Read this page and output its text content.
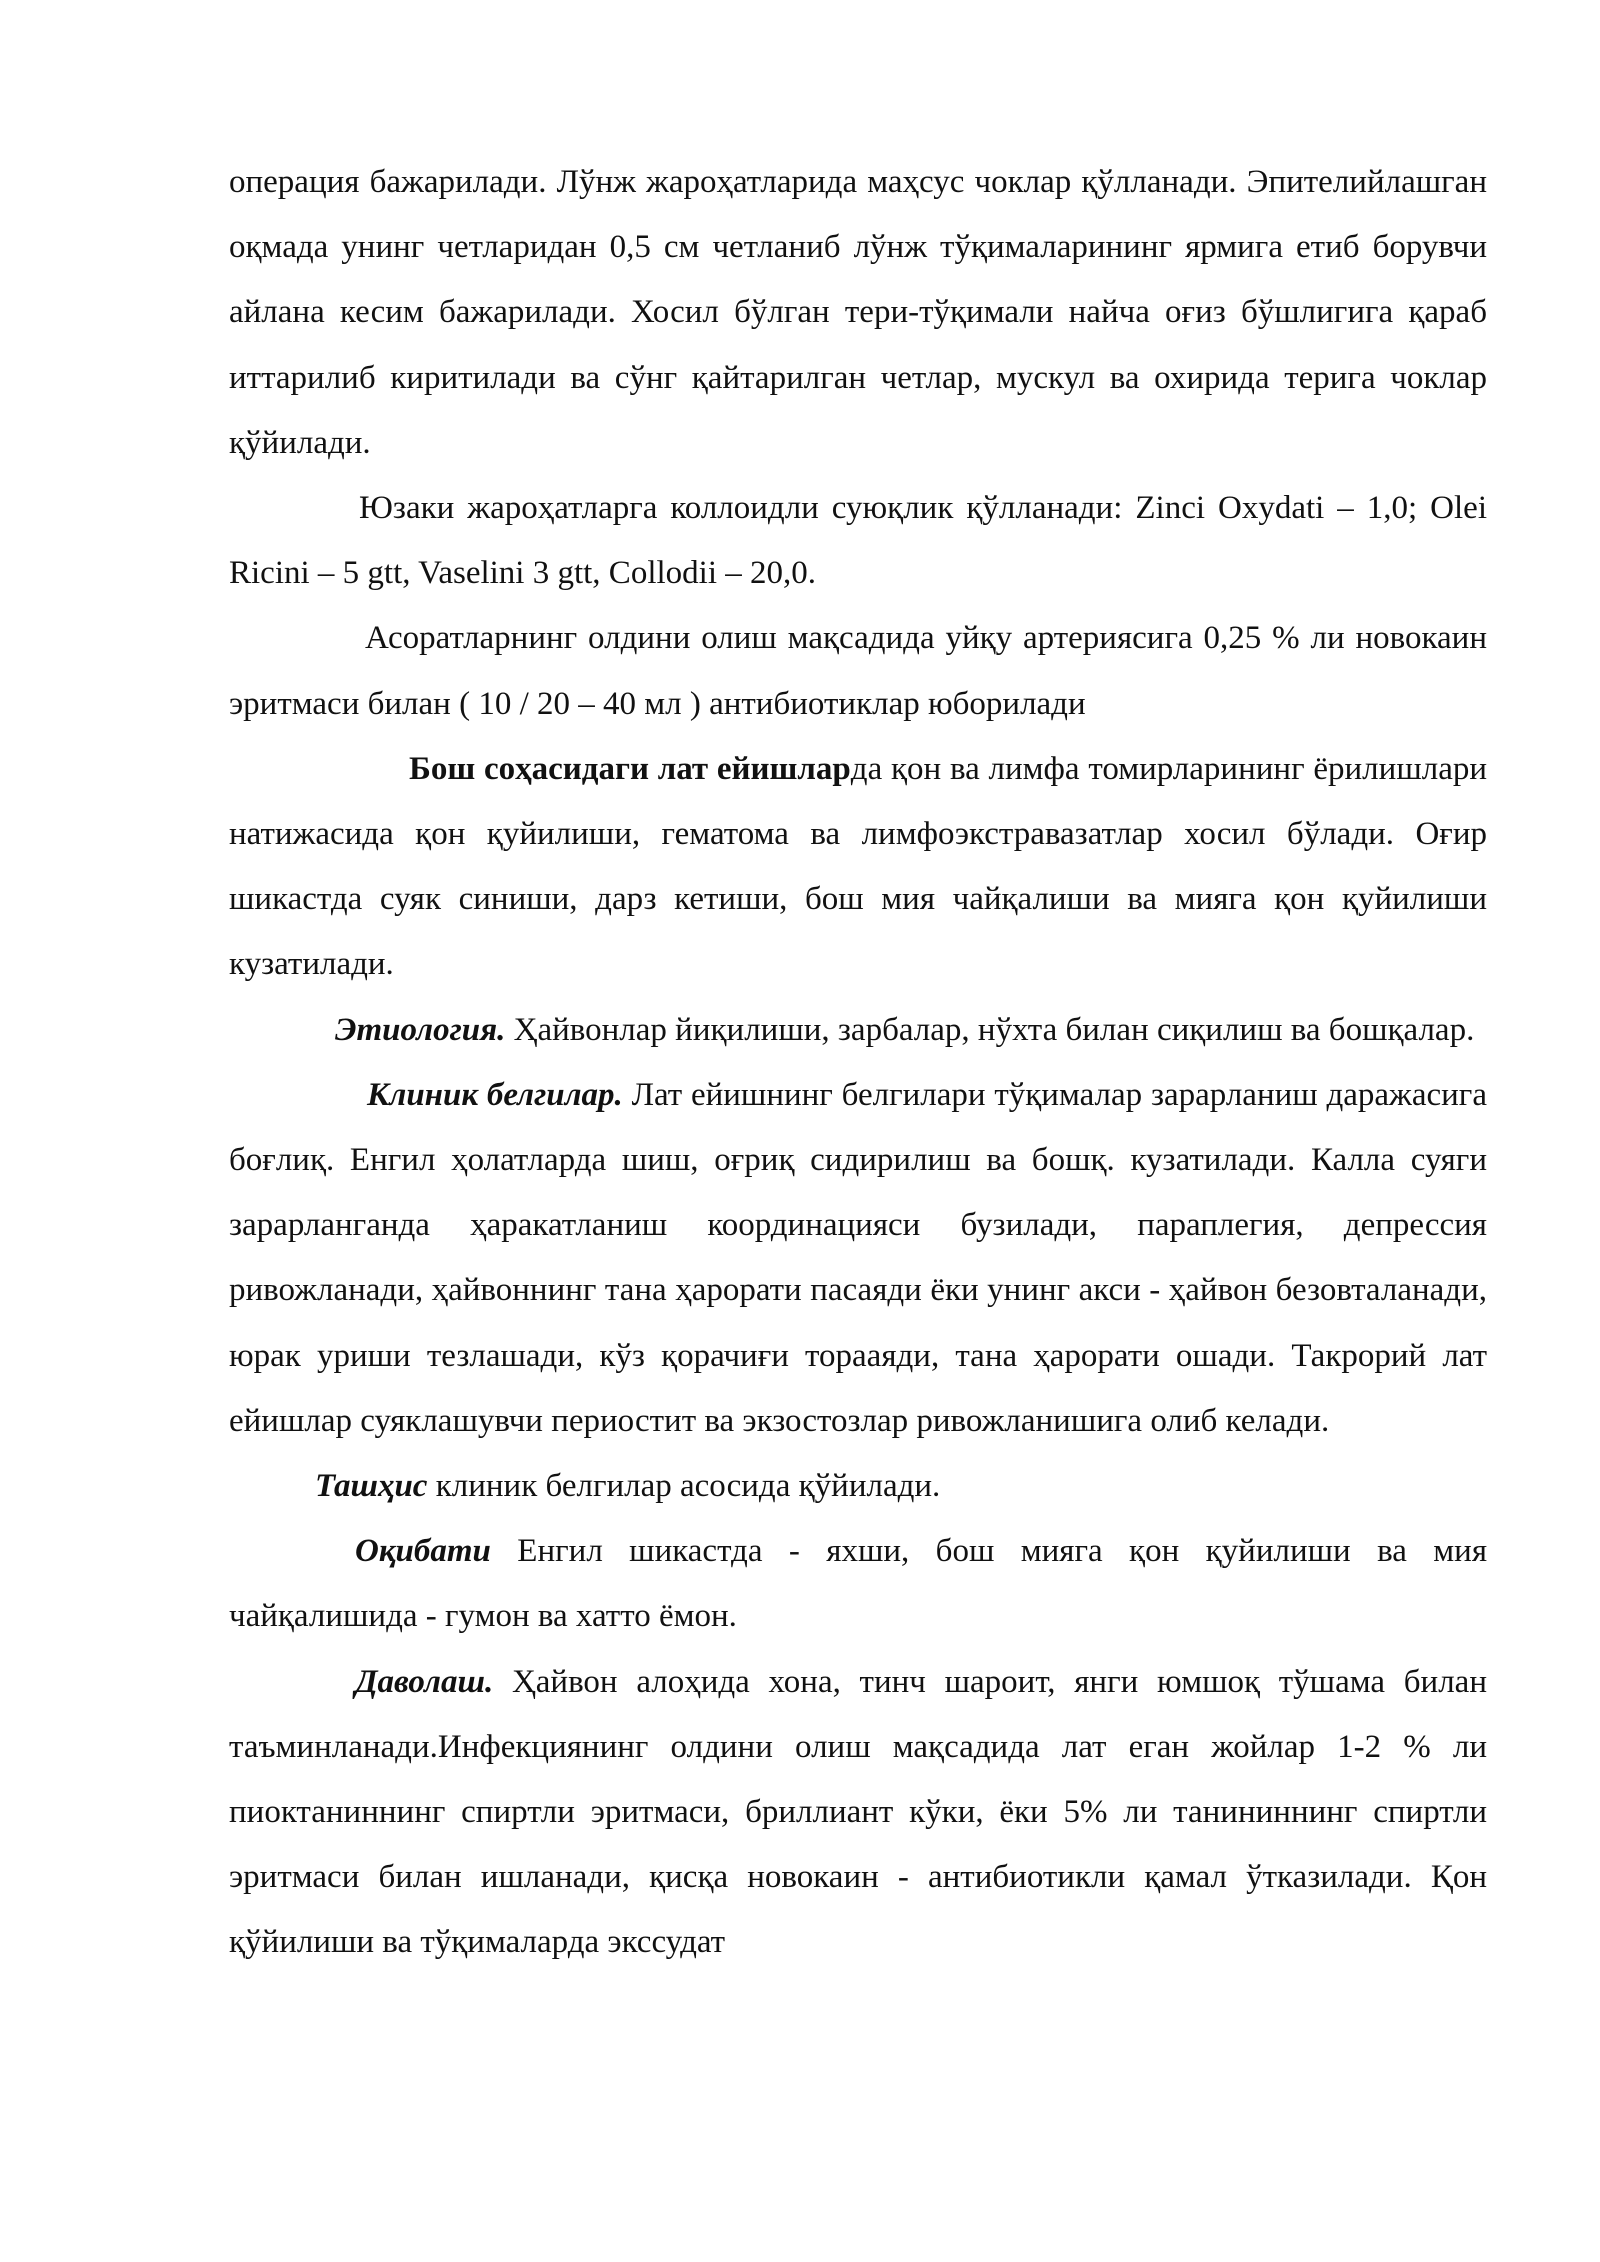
операция бажарилади. Лўнж жароҳатларида маҳсус чоклар қўлланади. Эпителийлашган оқмада унинг четларидан 0,5 см четланиб лўнж тўқималарининг ярмига етиб борувчи айлана кесим бажарилади. Хосил бўлган тери-тўқимали найча оғиз бўшлигига қараб иттарилиб киритилади ва сўнг қайтарилган четлар, мускул ва охирида терига чоклар қўйилади.

Юзаки жароҳатларга коллоидли суюқлик қўлланади: Zinci Oxydati – 1,0; Olei Ricini – 5 gtt, Vaselini 3 gtt, Collodii – 20,0.

Асоратларнинг олдини олиш мақсадида уйқу артериясига 0,25 % ли новокаин эритмаси билан ( 10 / 20 – 40 мл ) антибиотиклар юборилади

Бош соҳасидаги лат ейишларда қон ва лимфа томирларининг ёрилишлари натижасида қон қуйилиши, гематома ва лимфоэкстравазатлар хосил бўлади. Оғир шикастда суяк синиши, дарз кетиши, бош мия чайқалиши ва мияга қон қуйилиши кузатилади.

Этиология. Ҳайвонлар йиқилиши, зарбалар, нўхта билан сиқилиш ва бошқалар.

Клиник белгилар. Лат ейишнинг белгилари тўқималар зарарланиш даражасига боғлиқ. Енгил ҳолатларда шиш, оғриқ сидирилиш ва бошқ. кузатилади. Калла суяги зарарланганда ҳаракатланиш координацияси бузилади, параплегия, депрессия ривожланади, ҳайвоннинг тана ҳарорати пасаяди ёки унинг акси - ҳайвон безовталанади, юрак уриши тезлашади, кўз қорачиғи торааяди, тана ҳарорати ошади. Такрорий лат ейишлар суяклашувчи периостит ва экзостозлар ривожланишига олиб келади.

Ташҳис клиник белгилар асосида қўйилади.

Оқибати Енгил шикастда - яхши, бош мияга қон қуйилиши ва мия чайқалишида - гумон ва хатто ёмон.

Даволаш. Ҳайвон алоҳида хона, тинч шароит, янги юмшоқ тўшама билан таъминланади.Инфекциянинг олдини олиш мақсадида лат еган жойлар 1-2 % ли пиоктаниннинг спиртли эритмаси, бриллиант кўки, ёки 5% ли танининнинг спиртли эритмаси билан ишланади, қисқа новокаин - антибиотикли қамал ўтказилади. Қон қўйилиши ва тўқималарда экссудат
